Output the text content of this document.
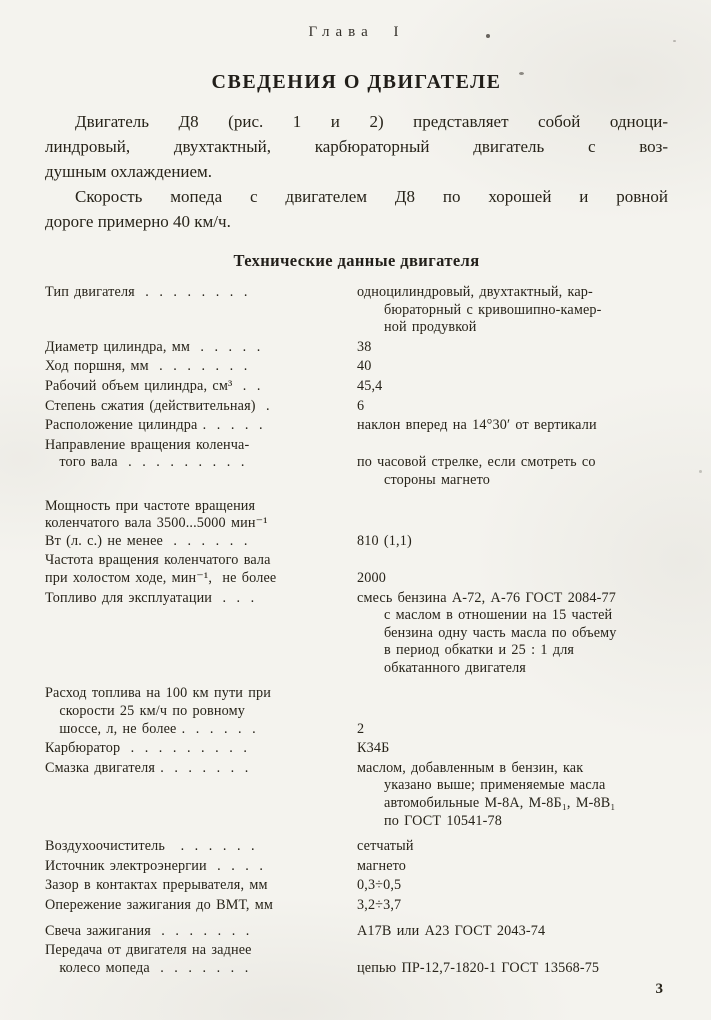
Глава I
СВЕДЕНИЯ О ДВИГАТЕЛЕ
Двигатель Д8 (рис. 1 и 2) представляет собой одноци-
линдровый, двухтактный, карбюраторный двигатель с воз-
душным охлаждением.
Скорость мопеда с двигателем Д8 по хорошей и ровной
дороге примерно 40 км/ч.
Технические данные двигателя
Тип двигателя  .  .  .  .  .  .  .  .	одноцилиндровый, двухтактный, кар-
бюраторный с кривошипно-камер-
ной продувкой
Диаметр цилиндра, мм  .  .  .  .  .	38
Ход поршня, мм  .  .  .  .  .  .  .	40
Рабочий объем цилиндра, см³  .  .	45,4
Степень сжатия (действительная)  .	6
Расположение цилиндра .  .  .  .  .	наклон вперед на 14°30′ от вертикали
Направление вращения коленча-
 того вала  .  .  .  .  .  .  .  .  .	по часовой стрелке, если смотреть со
стороны магнето
Мощность при частоте вращения
коленчатого вала 3500...5000 мин⁻¹
Вт (л. с.) не менее  .  .  .  .  .  .	810 (1,1)
Частота вращения коленчатого вала
при холостом ходе, мин⁻¹,  не более	2000
Топливо для эксплуатации  .  .  .	смесь бензина А-72, А-76 ГОСТ 2084-77
с маслом в отношении на 15 частей
бензина одну часть масла по объему
в период обкатки и 25 : 1 для
обкатанного двигателя
Расход топлива на 100 км пути при
 скорости 25 км/ч по ровному
 шоссе, л, не более .  .  .  .  .  .	2
Карбюратор  .  .  .  .  .  .  .  .  .	К34Б
Смазка двигателя .  .  .  .  .  .  .	маслом, добавленным в бензин, как
указано выше; применяемые масла
автомобильные М-8А, М-8Б₁, М-8В₁
по ГОСТ 10541-78
Воздухоочиститель   .  .  .  .  .  .	сетчатый
Источник электроэнергии  .  .  .  .	магнето
Зазор в контактах прерывателя, мм	0,3÷0,5
Опережение зажигания до ВМТ, мм	3,2÷3,7
Свеча зажигания  .  .  .  .  .  .  .	А17В или А23 ГОСТ 2043-74
Передача от двигателя на заднее
 колесо мопеда  .  .  .  .  .  .  .	цепью ПР-12,7-1820-1 ГОСТ 13568-75
3
